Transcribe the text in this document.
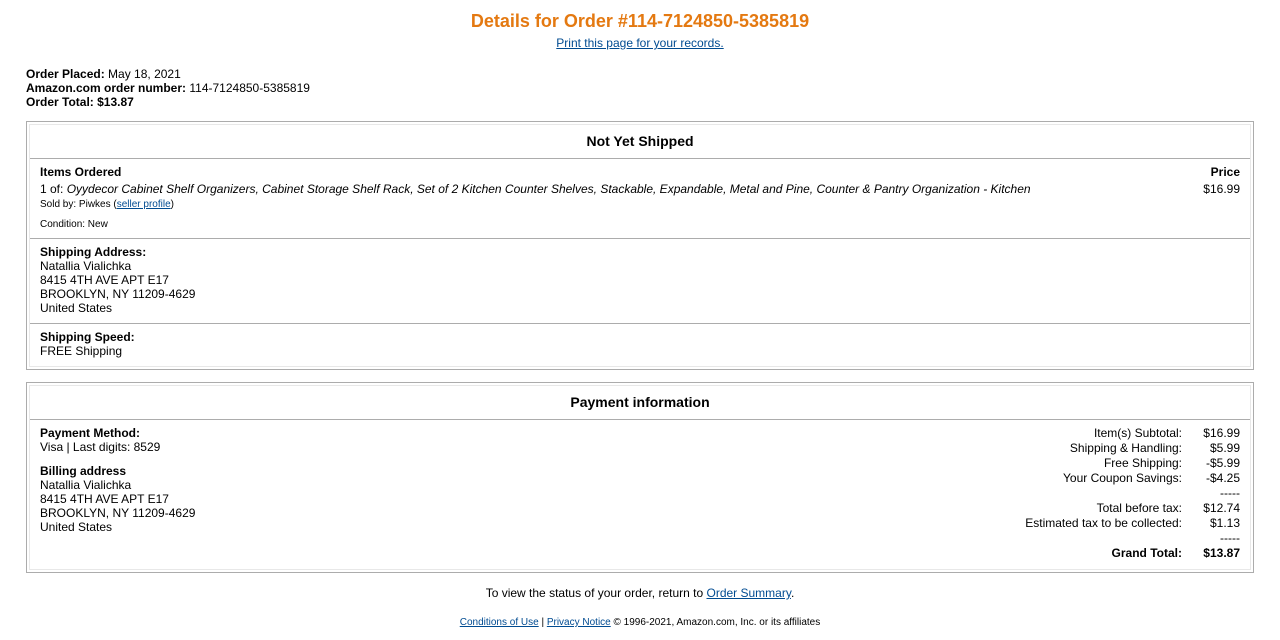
Details for Order #114-7124850-5385819
Print this page for your records.
Order Placed: May 18, 2021
Amazon.com order number: 114-7124850-5385819
Order Total: $13.87
Not Yet Shipped
Items Ordered	Price
1 of: Oyydecor Cabinet Shelf Organizers, Cabinet Storage Shelf Rack, Set of 2 Kitchen Counter Shelves, Stackable, Expandable, Metal and Pine, Counter & Pantry Organization - Kitchen	$16.99
Sold by: Piwkes (seller profile)
Condition: New
Shipping Address:
Natallia Vialichka
8415 4TH AVE APT E17
BROOKLYN, NY 11209-4629
United States
Shipping Speed:
FREE Shipping
Payment information
Payment Method:
Visa | Last digits: 8529
Billing address
Natallia Vialichka
8415 4TH AVE APT E17
BROOKLYN, NY 11209-4629
United States
Item(s) Subtotal:	$16.99
Shipping & Handling:	$5.99
Free Shipping:	-$5.99
Your Coupon Savings:	-$4.25
	-----
Total before tax:	$12.74
Estimated tax to be collected:	$1.13
	-----
Grand Total:	$13.87
To view the status of your order, return to Order Summary.
Conditions of Use | Privacy Notice © 1996-2021, Amazon.com, Inc. or its affiliates
